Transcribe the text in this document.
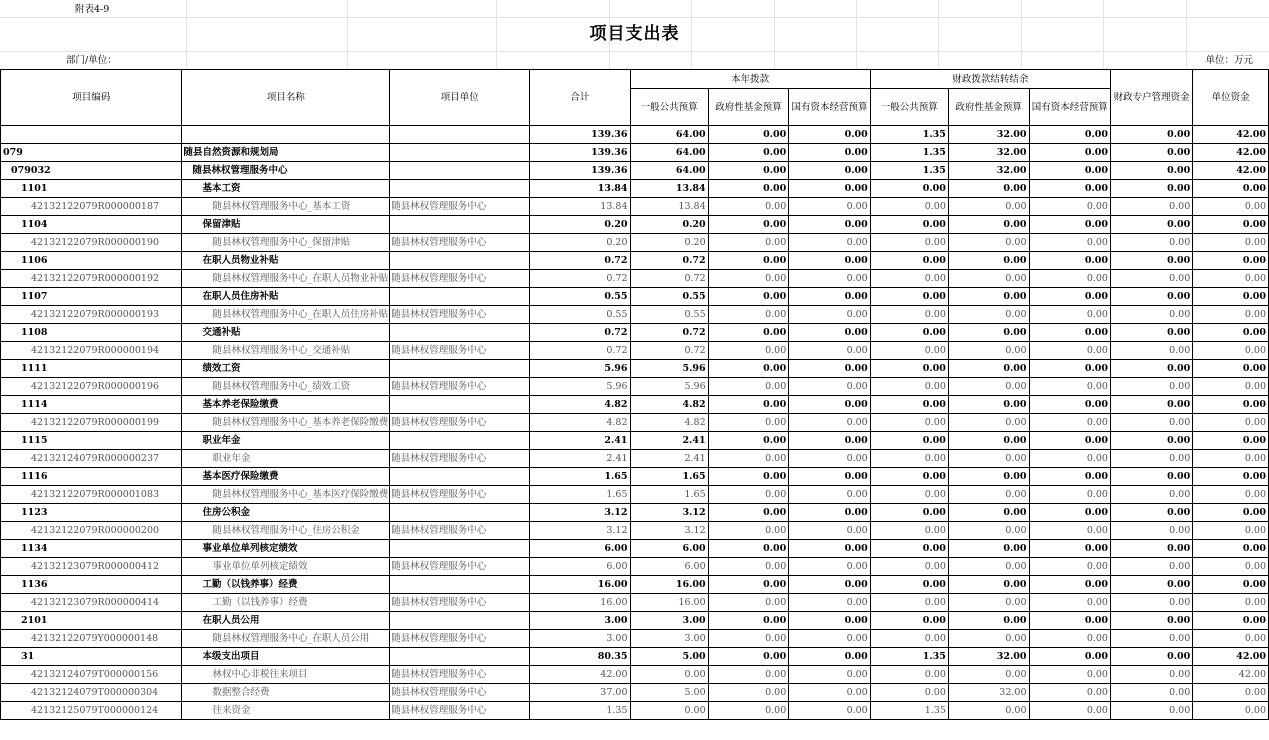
附表4-9
项目支出表
部门/单位：	单位：万元
项目编码	项目名称	项目单位	合计	本年拨款			财政拨款结转结余			财政专户管理资金	单位资金
				一般公共预算	政府性基金预算	国有资本经营预算	一般公共预算	政府性基金预算	国有资本经营预算		
			139.36	64.00	0.00	0.00	1.35	32.00	0.00	0.00	42.00
079	随县自然资源和规划局		139.36	64.00	0.00	0.00	1.35	32.00	0.00	0.00	42.00
079032	随县林权管理服务中心		139.36	64.00	0.00	0.00	1.35	32.00	0.00	0.00	42.00
1101	基本工资		13.84	13.84	0.00	0.00	0.00	0.00	0.00	0.00	0.00
42132122079R000000187	随县林权管理服务中心_基本工资	随县林权管理服务中心	13.84	13.84	0.00	0.00	0.00	0.00	0.00	0.00	0.00
1104	保留津贴		0.20	0.20	0.00	0.00	0.00	0.00	0.00	0.00	0.00
42132122079R000000190	随县林权管理服务中心_保留津贴	随县林权管理服务中心	0.20	0.20	0.00	0.00	0.00	0.00	0.00	0.00	0.00
1106	在职人员物业补贴		0.72	0.72	0.00	0.00	0.00	0.00	0.00	0.00	0.00
42132122079R000000192	随县林权管理服务中心_在职人员物业补贴	随县林权管理服务中心	0.72	0.72	0.00	0.00	0.00	0.00	0.00	0.00	0.00
1107	在职人员住房补贴		0.55	0.55	0.00	0.00	0.00	0.00	0.00	0.00	0.00
42132122079R000000193	随县林权管理服务中心_在职人员住房补贴	随县林权管理服务中心	0.55	0.55	0.00	0.00	0.00	0.00	0.00	0.00	0.00
1108	交通补贴		0.72	0.72	0.00	0.00	0.00	0.00	0.00	0.00	0.00
42132122079R000000194	随县林权管理服务中心_交通补贴	随县林权管理服务中心	0.72	0.72	0.00	0.00	0.00	0.00	0.00	0.00	0.00
1111	绩效工资		5.96	5.96	0.00	0.00	0.00	0.00	0.00	0.00	0.00
42132122079R000000196	随县林权管理服务中心_绩效工资	随县林权管理服务中心	5.96	5.96	0.00	0.00	0.00	0.00	0.00	0.00	0.00
1114	基本养老保险缴费		4.82	4.82	0.00	0.00	0.00	0.00	0.00	0.00	0.00
42132122079R000000199	随县林权管理服务中心_基本养老保险缴费	随县林权管理服务中心	4.82	4.82	0.00	0.00	0.00	0.00	0.00	0.00	0.00
1115	职业年金		2.41	2.41	0.00	0.00	0.00	0.00	0.00	0.00	0.00
42132124079R000000237	职业年金	随县林权管理服务中心	2.41	2.41	0.00	0.00	0.00	0.00	0.00	0.00	0.00
1116	基本医疗保险缴费		1.65	1.65	0.00	0.00	0.00	0.00	0.00	0.00	0.00
42132122079R000001083	随县林权管理服务中心_基本医疗保险缴费	随县林权管理服务中心	1.65	1.65	0.00	0.00	0.00	0.00	0.00	0.00	0.00
1123	住房公积金		3.12	3.12	0.00	0.00	0.00	0.00	0.00	0.00	0.00
42132122079R000000200	随县林权管理服务中心_住房公积金	随县林权管理服务中心	3.12	3.12	0.00	0.00	0.00	0.00	0.00	0.00	0.00
1134	事业单位单列核定绩效		6.00	6.00	0.00	0.00	0.00	0.00	0.00	0.00	0.00
42132123079R000000412	事业单位单列核定绩效	随县林权管理服务中心	6.00	6.00	0.00	0.00	0.00	0.00	0.00	0.00	0.00
1136	工勤（以钱养事）经费		16.00	16.00	0.00	0.00	0.00	0.00	0.00	0.00	0.00
42132123079R000000414	工勤（以钱养事）经费	随县林权管理服务中心	16.00	16.00	0.00	0.00	0.00	0.00	0.00	0.00	0.00
2101	在职人员公用		3.00	3.00	0.00	0.00	0.00	0.00	0.00	0.00	0.00
42132122079Y000000148	随县林权管理服务中心_在职人员公用	随县林权管理服务中心	3.00	3.00	0.00	0.00	0.00	0.00	0.00	0.00	0.00
31	本级支出项目		80.35	5.00	0.00	0.00	1.35	32.00	0.00	0.00	42.00
42132124079T000000156	林权中心非税往来项目	随县林权管理服务中心	42.00	0.00	0.00	0.00	0.00	0.00	0.00	0.00	42.00
42132124079T000000304	数据整合经费	随县林权管理服务中心	37.00	5.00	0.00	0.00	0.00	32.00	0.00	0.00	0.00
42132125079T000000124	往来资金	随县林权管理服务中心	1.35	0.00	0.00	0.00	1.35	0.00	0.00	0.00	0.00
